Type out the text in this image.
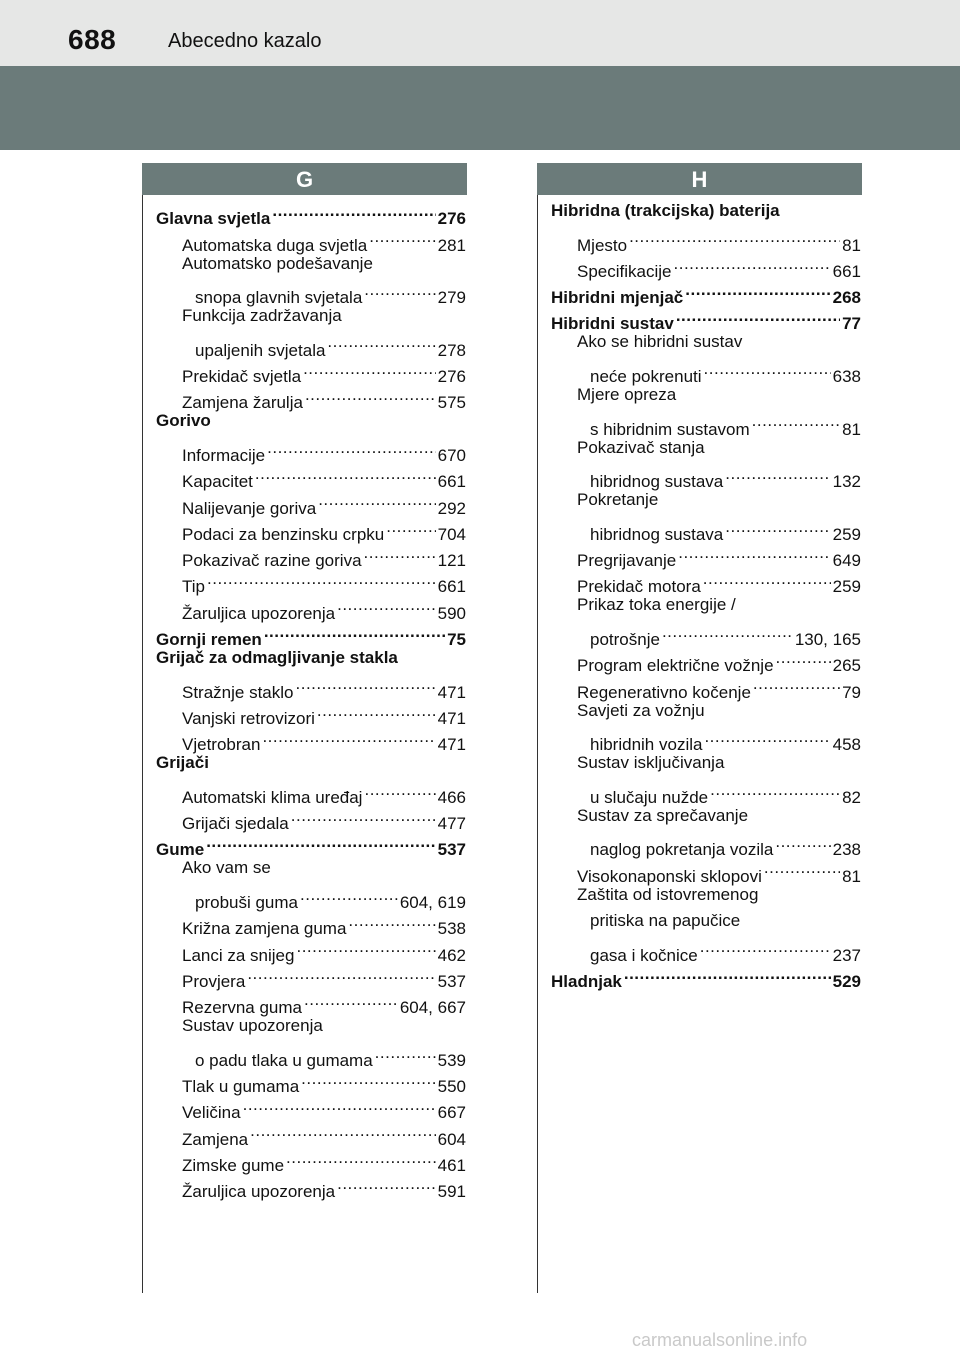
688	Abecedno kazalo
G	H
Glavna svjetla .....	276
Automatska duga svjetla .....	281
Automatsko podešavanje
snopa glavnih svjetala .....	279
Funkcija zadržavanja
upaljenih svjetala .....	278
Prekidač svjetla .....	276
Zamjena žarulja .....	575
Gorivo
Informacije .....	670
Kapacitet .....	661
Nalijevanje goriva .....	292
Podaci za benzinsku crpku .....	704
Pokazivač razine goriva .....	121
Tip .....	661
Žaruljica upozorenja .....	590
Gornji remen .....	75
Grijač za odmagljivanje stakla
Stražnje staklo .....	471
Vanjski retrovizori .....	471
Vjetrobran .....	471
Grijači
Automatski klima uređaj .....	466
Grijači sjedala .....	477
Gume .....	537
Ako vam se
probuši guma .....	604, 619
Križna zamjena guma .....	538
Lanci za snijeg .....	462
Provjera .....	537
Rezervna guma .....	604, 667
Sustav upozorenja
o padu tlaka u gumama .....	539
Tlak u gumama .....	550
Veličina .....	667
Zamjena .....	604
Zimske gume .....	461
Žaruljica upozorenja .....	591
Hibridna (trakcijska) baterija
Mjesto .....	81
Specifikacije .....	661
Hibridni mjenjač .....	268
Hibridni sustav .....	77
Ako se hibridni sustav
neće pokrenuti .....	638
Mjere opreza
s hibridnim sustavom .....	81
Pokazivač stanja
hibridnog sustava .....	132
Pokretanje
hibridnog sustava .....	259
Pregrijavanje .....	649
Prekidač motora .....	259
Prikaz toka energije /
potrošnje .....	130, 165
Program električne vožnje .....	265
Regenerativno kočenje .....	79
Savjeti za vožnju
hibridnih vozila .....	458
Sustav isključivanja
u slučaju nužde .....	82
Sustav za sprečavanje
naglog pokretanja vozila .....	238
Visokonaponski sklopovi .....	81
Zaštita od istovremenog
pritiska na papučice
gasa i kočnice .....	237
Hladnjak .....	529
carmanualsonline.info
